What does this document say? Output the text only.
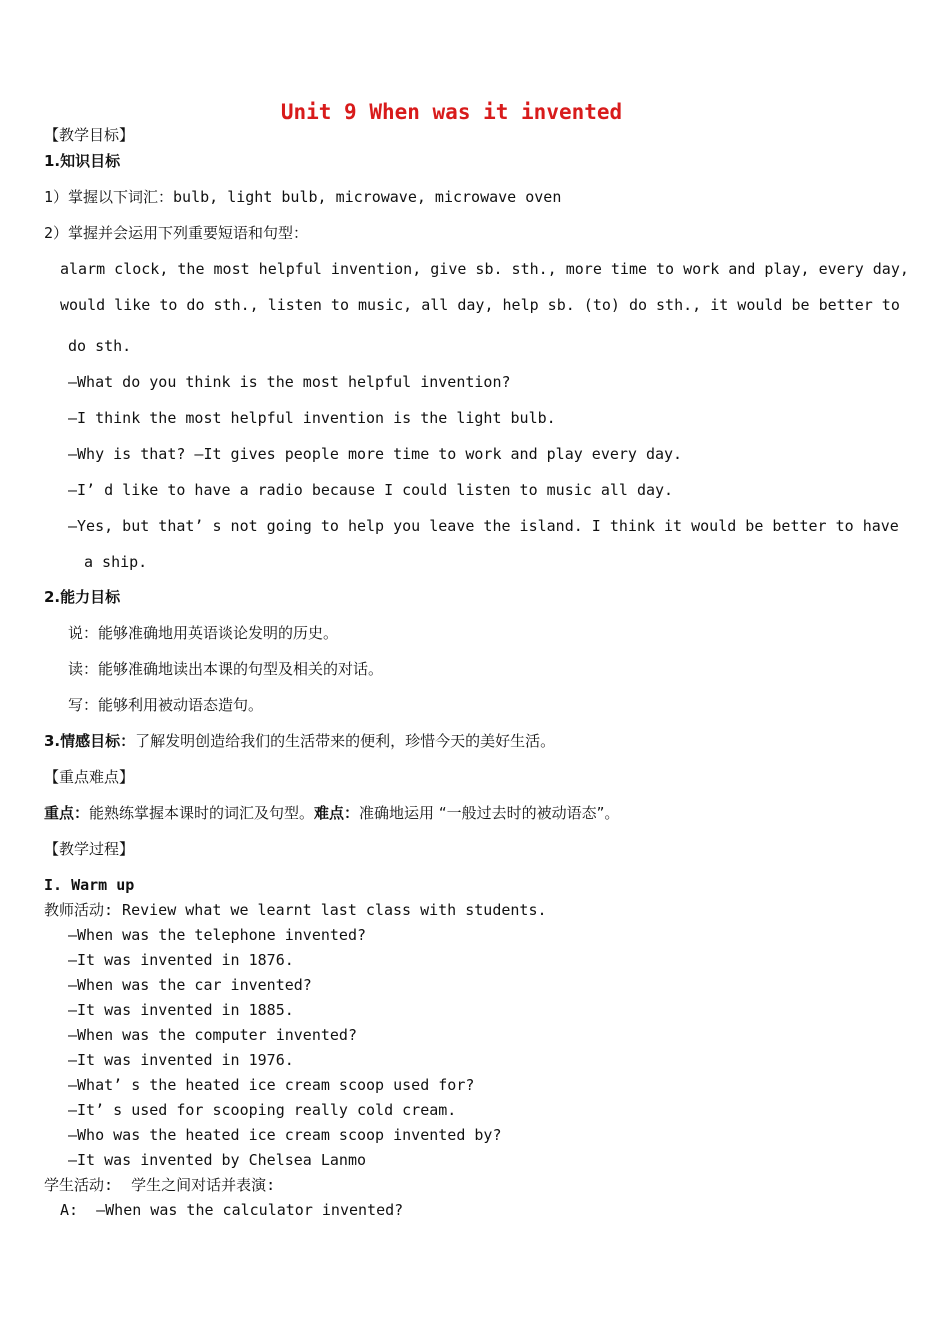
Unit 9 When was it invented
【教学目标】
1.知识目标
1）掌握以下词汇：bulb, light bulb, microwave, microwave oven
2）掌握并会运用下列重要短语和句型：
alarm clock, the most helpful invention, give sb. sth., more time to work and play, every day,
would like to do sth., listen to music, all day, help sb. (to) do sth., it would be better to
do sth.
—What do you think is the most helpful invention?
—I think the most helpful invention is the light bulb.
—Why is that? —It gives people more time to work and play every day.
—I’ d like to have a radio because I could listen to music all day.
—Yes, but that’ s not going to help you leave the island. I think it would be better to have
a ship.
2.能力目标
说：能够准确地用英语谈论发明的历史。
读：能够准确地读出本课的句型及相关的对话。
写：能够利用被动语态造句。
3.情感目标：了解发明创造给我们的生活带来的便利，珍惜今天的美好生活。
【重点难点】
重点：能熟练掌握本课时的词汇及句型。难点：准确地运用 “一般过去时的被动语态”。
【教学过程】
I. Warm up
教师活动: Review what we learnt last class with students.
—When was the telephone invented?
—It was invented in 1876.
—When was the car invented?
—It was invented in 1885.
—When was the computer invented?
—It was invented in 1976.
—What’ s the heated ice cream scoop used for?
—It’ s used for scooping really cold cream.
—Who was the heated ice cream scoop invented by?
—It was invented by Chelsea Lanmo
学生活动:  学生之间对话并表演:
A:  —When was the calculator invented?
